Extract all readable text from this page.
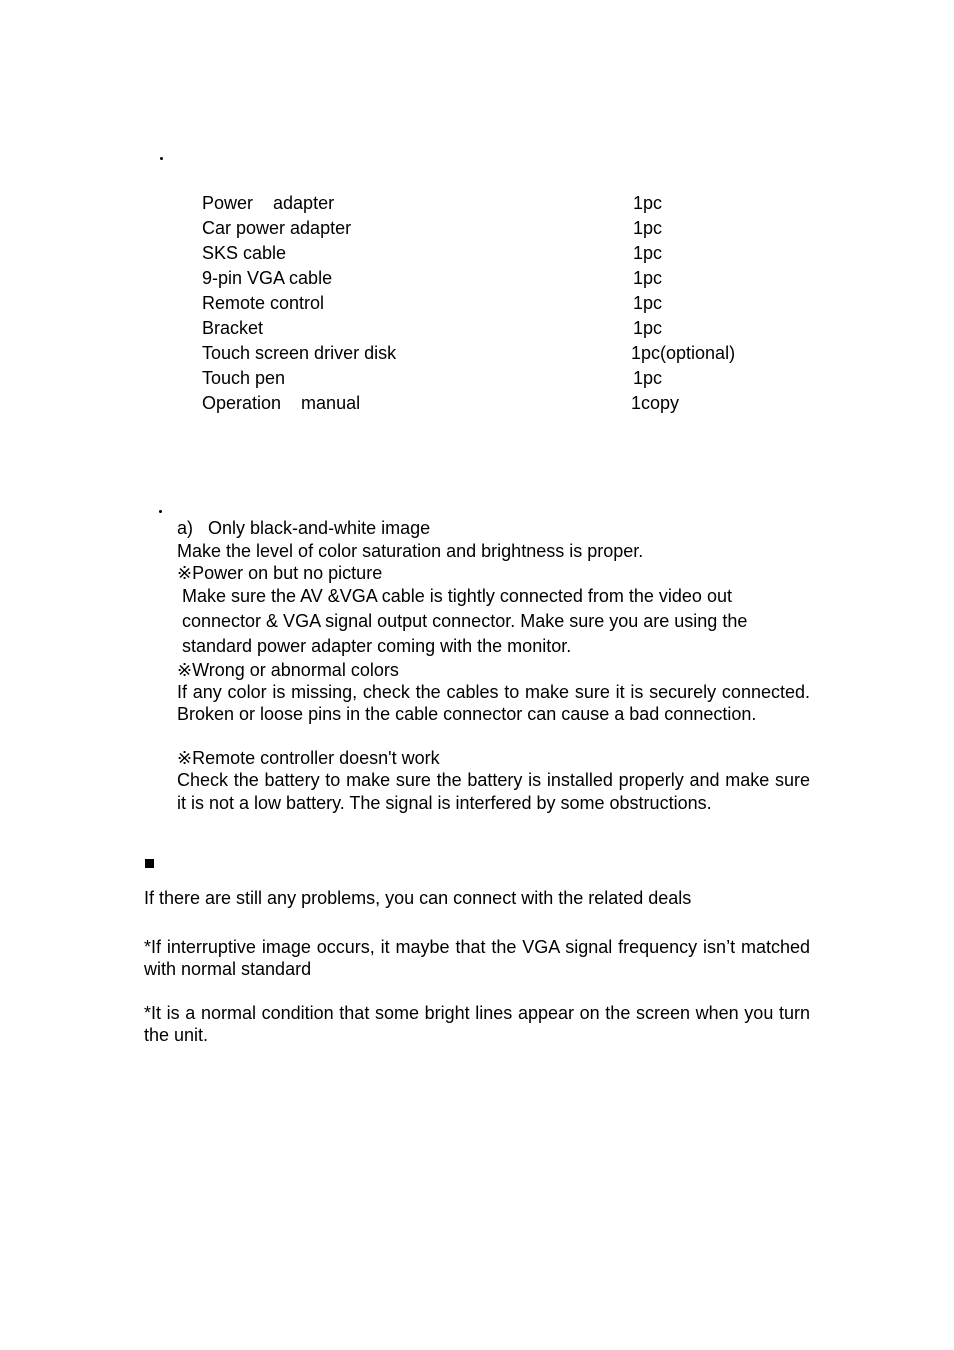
Power    adapter	1pc
Car power adapter	1pc
SKS cable	1pc
9-pin VGA cable	1pc
Remote control	1pc
Bracket	1pc
Touch screen driver disk	1pc(optional)
Touch pen	1pc
Operation    manual	1copy
a)   Only black-and-white image
Make the level of color saturation and brightness is proper.
※Power on but no picture
Make sure the AV &VGA cable is tightly connected from the video out
connector & VGA signal output connector. Make sure you are using the
standard power adapter coming with the monitor.
※Wrong or abnormal colors
If any color is missing, check the cables to make sure it is securely connected. Broken or loose pins in the cable connector can cause a bad connection.
※Remote controller doesn't work
Check the battery to make sure the battery is installed properly and make sure it is not a low battery. The signal is interfered by some obstructions.
If there are still any problems, you can connect with the related deals
*If interruptive image occurs, it maybe that the VGA signal frequency isn’t matched with normal standard
*It is a normal condition that some bright lines appear on the screen when you turn the unit.
